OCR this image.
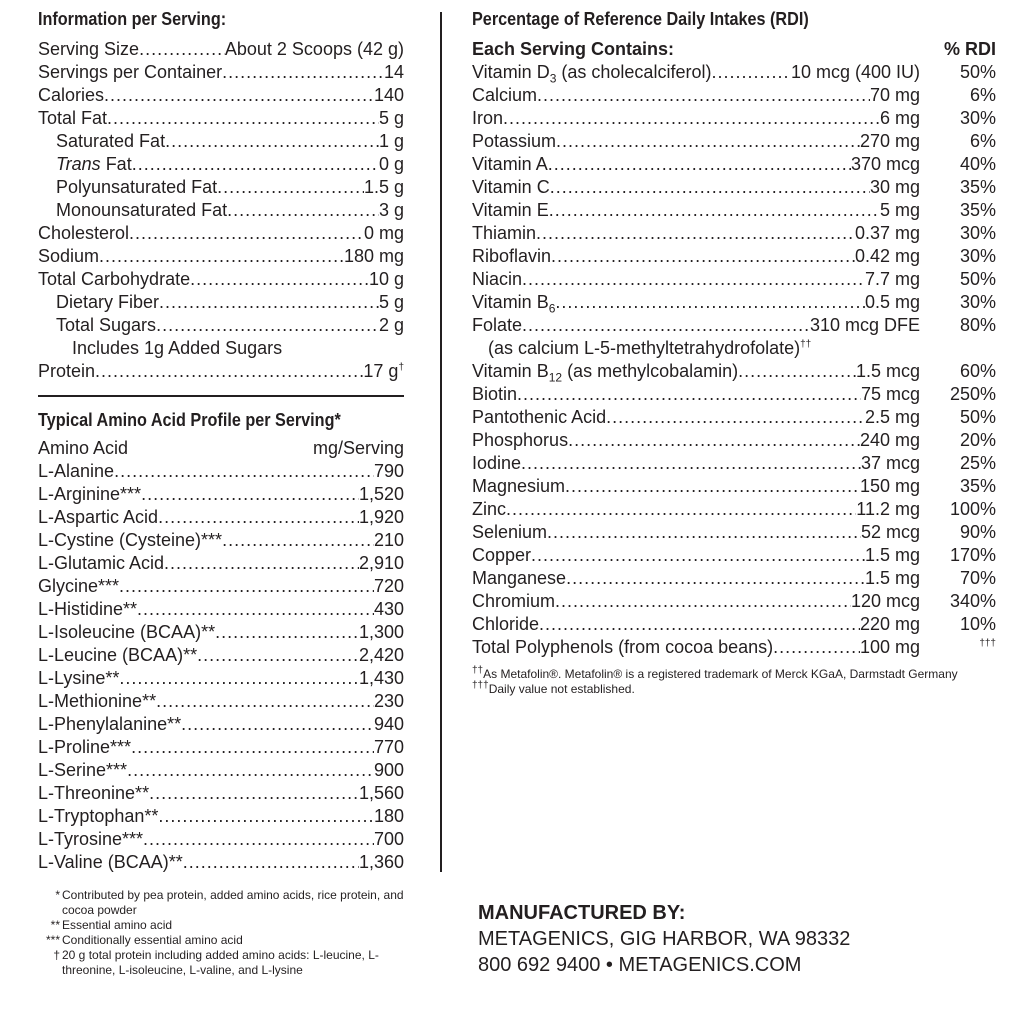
Information per Serving:
Serving Size .....	About 2 Scoops (42 g)
Servings per Container .....	14
Calories .....	140
Total Fat .....	5 g
Saturated Fat .....	1 g
Trans Fat .....	0 g
Polyunsaturated Fat .....	1.5 g
Monounsaturated Fat .....	3 g
Cholesterol .....	0 mg
Sodium .....	180 mg
Total Carbohydrate .....	10 g
Dietary Fiber .....	5 g
Total Sugars .....	2 g
Includes 1g Added Sugars
Protein .....	17 g†
Typical Amino Acid Profile per Serving*
Amino Acid	mg/Serving
L-Alanine .....	790
L-Arginine*** .....	1,520
L-Aspartic Acid .....	1,920
L-Cystine (Cysteine)*** .....	210
L-Glutamic Acid .....	2,910
Glycine*** .....	720
L-Histidine** .....	430
L-Isoleucine (BCAA)** .....	1,300
L-Leucine (BCAA)** .....	2,420
L-Lysine** .....	1,430
L-Methionine** .....	230
L-Phenylalanine** .....	940
L-Proline*** .....	770
L-Serine*** .....	900
L-Threonine** .....	1,560
L-Tryptophan** .....	180
L-Tyrosine*** .....	700
L-Valine (BCAA)** .....	1,360
* Contributed by pea protein, added amino acids, rice protein, and cocoa powder
** Essential amino acid
*** Conditionally essential amino acid
† 20 g total protein including added amino acids: L-leucine, L-threonine, L-isoleucine, L-valine, and L-lysine
Percentage of Reference Daily Intakes (RDI)
Each Serving Contains:	% RDI
Vitamin $D_3$ (as cholecalciferol) .....	10 mcg (400 IU)	50%
Calcium .....	70 mg	6%
Iron .....	6 mg	30%
Potassium .....	270 mg	6%
Vitamin A .....	370 mcg	40%
Vitamin C .....	30 mg	35%
Vitamin E .....	5 mg	35%
Thiamin .....	0.37 mg	30%
Riboflavin .....	0.42 mg	30%
Niacin .....	7.7 mg	50%
Vitamin $B_6$ .....	0.5 mg	30%
Folate .....	310 mcg DFE	80%
(as calcium L-5-methyltetrahydrofolate)††
Vitamin $B_{12}$ (as methylcobalamin) .....	1.5 mcg	60%
Biotin .....	75 mcg	250%
Pantothenic Acid .....	2.5 mg	50%
Phosphorus .....	240 mg	20%
Iodine .....	37 mcg	25%
Magnesium .....	150 mg	35%
Zinc .....	11.2 mg	100%
Selenium .....	52 mcg	90%
Copper .....	1.5 mg	170%
Manganese .....	1.5 mg	70%
Chromium .....	120 mcg	340%
Chloride .....	220 mg	10%
Total Polyphenols (from cocoa beans) .....	100 mg	†††
††As Metafolin®. Metafolin® is a registered trademark of Merck KGaA, Darmstadt Germany
†††Daily value not established.
MANUFACTURED BY:
METAGENICS, GIG HARBOR, WA 98332
800 692 9400 • METAGENICS.COM
